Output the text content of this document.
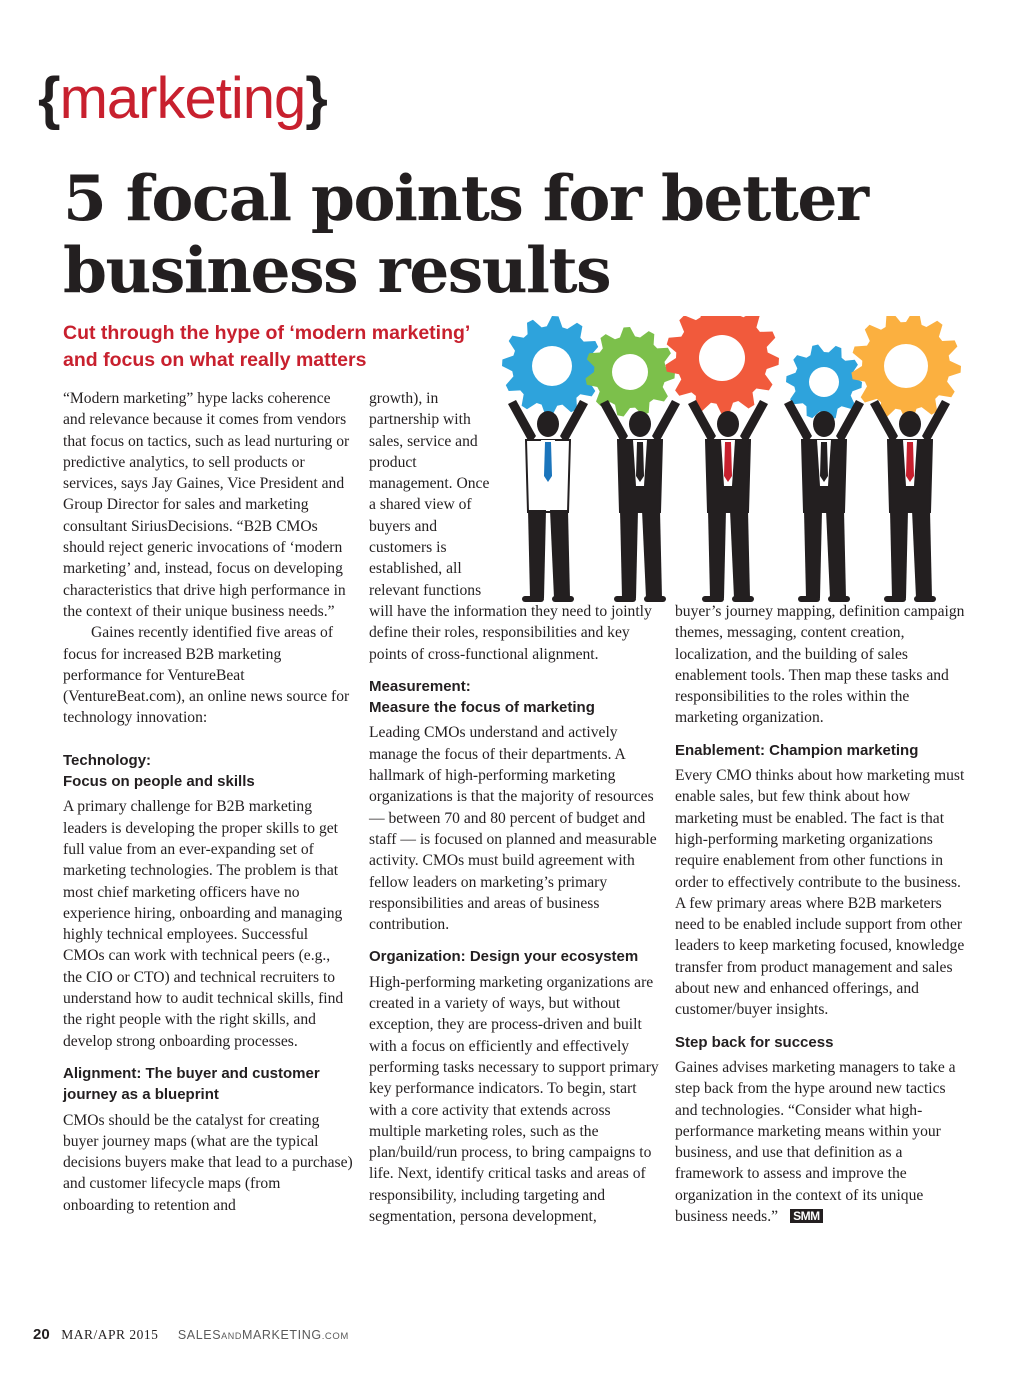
{marketing}
5 focal points for better business results
Cut through the hype of ‘modern marketing’ and focus on what really matters

“Modern marketing” hype lacks coherence and relevance because it comes from vendors that focus on tactics, such as lead nurturing or predictive analytics, to sell products or services, says Jay Gaines, Vice President and Group Director for sales and marketing consultant SiriusDecisions. “B2B CMOs should reject generic invocations of ‘modern marketing’ and, instead, focus on developing characteristics that drive high performance in the context of their unique business needs.”

Gaines recently identified five areas of focus for increased B2B marketing performance for VentureBeat (VentureBeat.com), an online news source for technology innovation:

Technology:
Focus on people and skills

A primary challenge for B2B marketing leaders is developing the proper skills to get full value from an ever-expanding set of marketing technologies. The problem is that most chief marketing officers have no experience hiring, onboarding and managing highly technical employees. Successful CMOs can work with technical peers (e.g., the CIO or CTO) and technical recruiters to understand how to audit technical skills, find the right people with the right skills, and develop strong onboarding processes.

Alignment: The buyer and customer journey as a blueprint

CMOs should be the catalyst for creating buyer journey maps (what are the typical decisions buyers make that lead to a purchase) and customer lifecycle maps (from onboarding to retention and

growth), in partnership with sales, service and product management. Once a shared view of buyers and customers is established, all relevant functions

will have the information they need to jointly define their roles, responsibilities and key points of cross-functional alignment.

Measurement:
Measure the focus of marketing

Leading CMOs understand and actively manage the focus of their departments. A hallmark of high-performing marketing organizations is that the majority of resources — between 70 and 80 percent of budget and staff — is focused on planned and measurable activity. CMOs must build agreement with fellow leaders on marketing’s primary responsibilities and areas of business contribution.

Organization: Design your ecosystem

High-performing marketing organizations are created in a variety of ways, but without exception, they are process-driven and built with a focus on efficiently and effectively performing tasks necessary to support primary key performance indicators. To begin, start with a core activity that extends across multiple marketing roles, such as the plan/build/run process, to bring campaigns to life. Next, identify critical tasks and areas of responsibility, including targeting and segmentation, persona development,

buyer’s journey mapping, definition campaign themes, messaging, content creation, localization, and the building of sales enablement tools. Then map these tasks and responsibilities to the roles within the marketing organization.

Enablement: Champion marketing

Every CMO thinks about how marketing must enable sales, but few think about how marketing must be enabled. The fact is that high-performing marketing organizations require enablement from other functions in order to effectively contribute to the business. A few primary areas where B2B marketers need to be enabled include support from other leaders to keep marketing focused, knowledge transfer from product management and sales about new and enhanced offerings, and customer/buyer insights.

Step back for success

Gaines advises marketing managers to take a step back from the hype around new tactics and technologies. “Consider what high-performance marketing means within your business, and use that definition as a framework to assess and improve the organization in the context of its unique business needs.” SMM

20 MAR/APR 2015 SALESANDMARKETING.COM
